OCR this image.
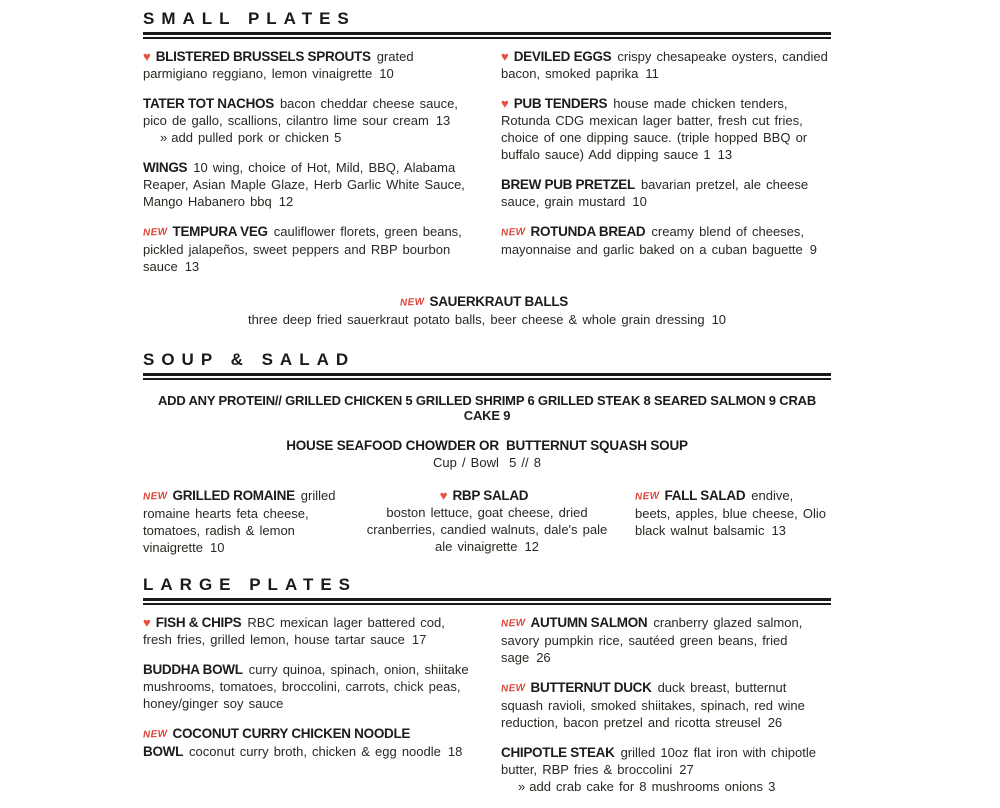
SMALL PLATES
♥ BLISTERED BRUSSELS SPROUTS grated parmigiano reggiano, lemon vinaigrette 10
TATER TOT NACHOS bacon cheddar cheese sauce, pico de gallo, scallions, cilantro lime sour cream 13
» add pulled pork or chicken 5
WINGS 10 wing, choice of Hot, Mild, BBQ, Alabama Reaper, Asian Maple Glaze, Herb Garlic White Sauce, Mango Habanero bbq 12
NEW TEMPURA VEG cauliflower florets, green beans, pickled jalapeños, sweet peppers and RBP bourbon sauce 13
♥ DEVILED EGGS crispy chesapeake oysters, candied bacon, smoked paprika 11
♥ PUB TENDERS house made chicken tenders, Rotunda CDG mexican lager batter, fresh cut fries, choice of one dipping sauce. (triple hopped BBQ or buffalo sauce) Add dipping sauce 1 13
BREW PUB PRETZEL bavarian pretzel, ale cheese sauce, grain mustard 10
NEW ROTUNDA BREAD creamy blend of cheeses, mayonnaise and garlic baked on a cuban baguette 9
NEW SAUERKRAUT BALLS
three deep fried sauerkraut potato balls, beer cheese & whole grain dressing 10
SOUP & SALAD
ADD ANY PROTEIN// GRILLED CHICKEN 5 GRILLED SHRIMP 6 GRILLED STEAK 8 SEARED SALMON 9 CRAB CAKE 9
HOUSE SEAFOOD CHOWDER OR  BUTTERNUT SQUASH SOUP
Cup / Bowl  5 // 8
NEW GRILLED ROMAINE grilled romaine hearts feta cheese, tomatoes, radish & lemon vinaigrette 10
♥ RBP SALAD
boston lettuce, goat cheese, dried cranberries, candied walnuts, dale's pale ale vinaigrette 12
NEW FALL SALAD endive, beets, apples, blue cheese, Olio black walnut balsamic 13
LARGE PLATES
♥ FISH & CHIPS RBC mexican lager battered cod, fresh fries, grilled lemon, house tartar sauce 17
BUDDHA BOWL curry quinoa, spinach, onion, shiitake mushrooms, tomatoes, broccolini, carrots, chick peas, honey/ginger soy sauce
NEW COCONUT CURRY CHICKEN NOODLE BOWL coconut curry broth, chicken & egg noodle 18
NEW AUTUMN SALMON cranberry glazed salmon, savory pumpkin rice, sautéed green beans, fried sage 26
NEW BUTTERNUT DUCK duck breast, butternut squash ravioli, smoked shiitakes, spinach, red wine reduction, bacon pretzel and ricotta streusel 26
CHIPOTLE STEAK grilled 10oz flat iron with chipotle butter, RBP fries & broccolini 27
» add crab cake for 8 mushrooms onions 3
